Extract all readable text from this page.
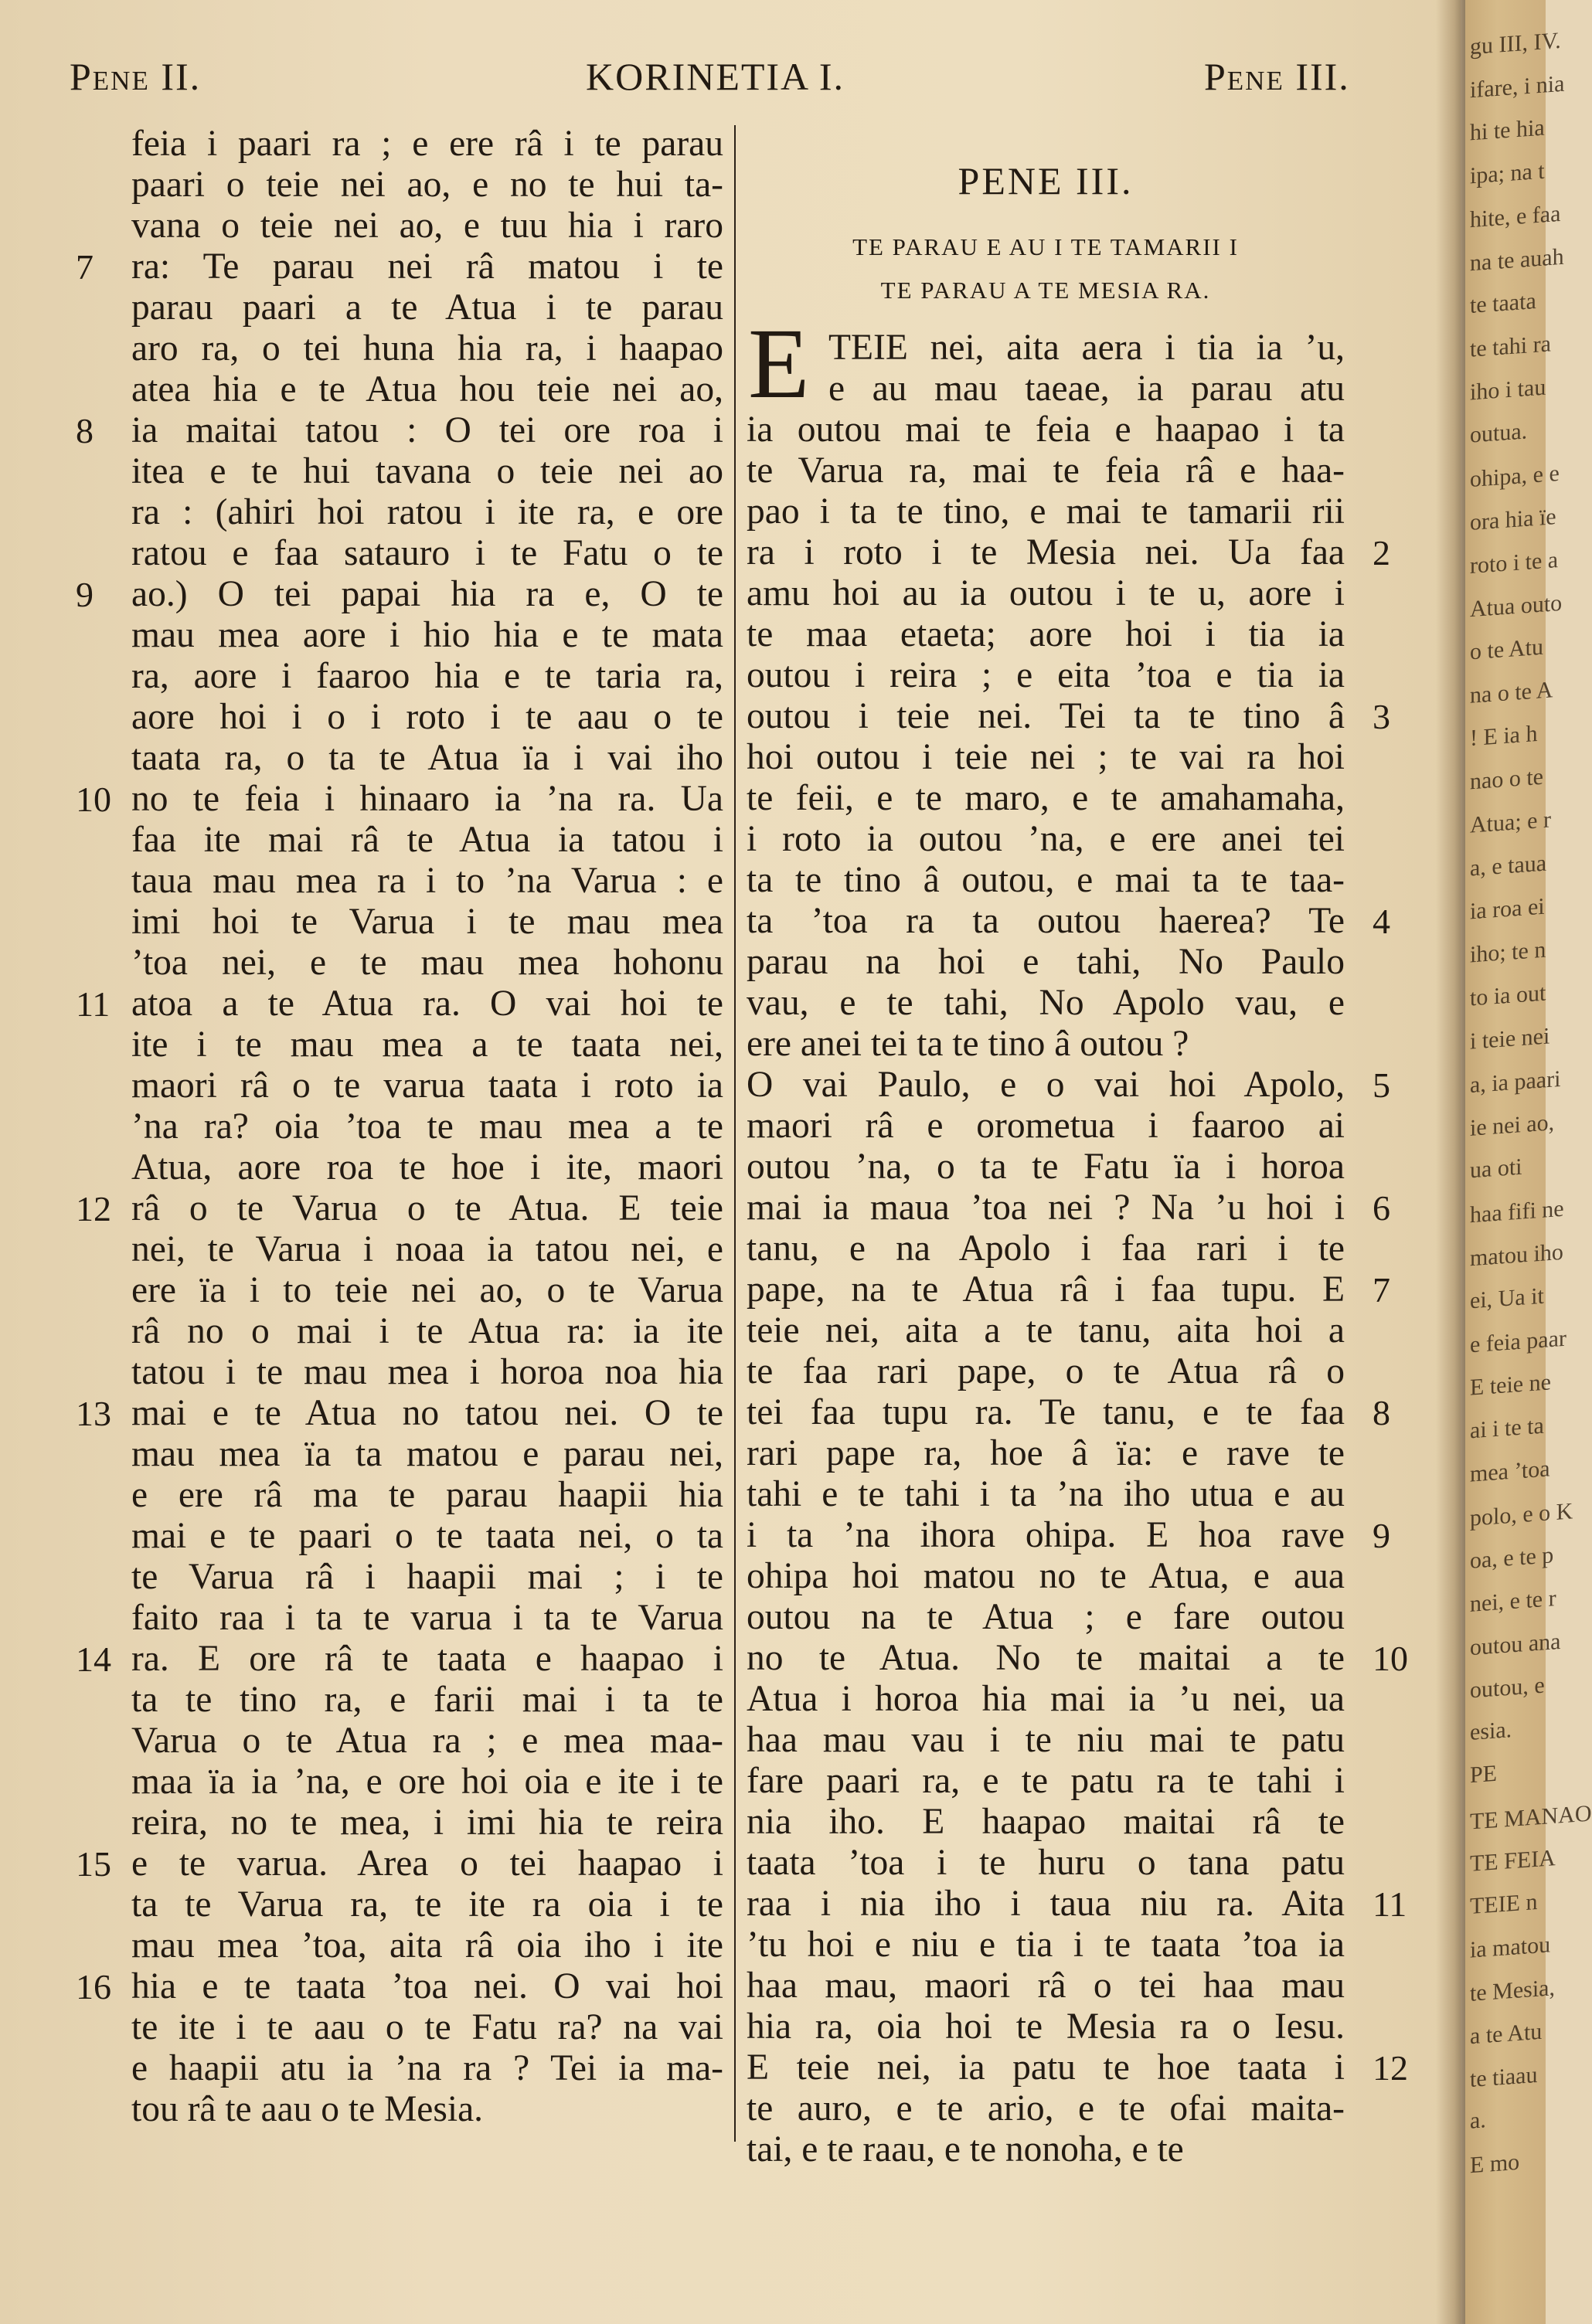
Pene II.	KORINETIA I.	Pene III.
feia i paari ra ; e ere râ i te parau
paari o teie nei ao, e no te hui ta-
vana o teie nei ao, e tuu hia i raro
ra: Te parau nei râ matou i te
parau paari a te Atua i te parau
aro ra, o tei huna hia ra, i haapao
atea hia e te Atua hou teie nei ao,
ia maitai tatou : O tei ore roa i
itea e te hui tavana o teie nei ao
ra : (ahiri hoi ratou i ite ra, e ore
ratou e faa satauro i te Fatu o te
ao.) O tei papai hia ra e, O te
mau mea aore i hio hia e te mata
ra, aore i faaroo hia e te taria ra,
aore hoi i o i roto i te aau o te
taata ra, o ta te Atua ïa i vai iho
no te feia i hinaaro ia ’na ra. Ua
faa ite mai râ te Atua ia tatou i
taua mau mea ra i to ’na Varua : e
imi hoi te Varua i te mau mea
’toa nei, e te mau mea hohonu
atoa a te Atua ra. O vai hoi te
ite i te mau mea a te taata nei,
maori râ o te varua taata i roto ia
’na ra? oia ’toa te mau mea a te
Atua, aore roa te hoe i ite, maori
râ o te Varua o te Atua. E teie
nei, te Varua i noaa ia tatou nei, e
ere ïa i to teie nei ao, o te Varua
râ no o mai i te Atua ra: ia ite
tatou i te mau mea i horoa noa hia
mai e te Atua no tatou nei. O te
mau mea ïa ta matou e parau nei,
e ere râ ma te parau haapii hia
mai e te paari o te taata nei, o ta
te Varua râ i haapii mai ; i te
faito raa i ta te varua i ta te Varua
ra. E ore râ te taata e haapao i
ta te tino ra, e farii mai i ta te
Varua o te Atua ra ; e mea maa-
maa ïa ia ’na, e ore hoi oia e ite i te
reira, no te mea, i imi hia te reira
e te varua. Area o tei haapao i
ta te Varua ra, te ite ra oia i te
mau mea ’toa, aita râ oia iho i ite
hia e te taata ’toa nei. O vai hoi
te ite i te aau o te Fatu ra? na vai
e haapii atu ia ’na ra ? Tei ia ma-
tou râ te aau o te Mesia.
7
8
9
10
11
12
13
14
15
16
PENE III.
TE PARAU E AU I TE TAMARII I
TE PARAU A TE MESIA RA.
E TEIE nei, aita aera i tia ia ’u,
e au mau taeae, ia parau atu
ia outou mai te feia e haapao i ta
te Varua ra, mai te feia râ e haa-
pao i ta te tino, e mai te tamarii rii
ra i roto i te Mesia nei. Ua faa
amu hoi au ia outou i te u, aore i
te maa etaeta; aore hoi i tia ia
outou i reira ; e eita ’toa e tia ia
outou i teie nei. Tei ta te tino â
hoi outou i teie nei ; te vai ra hoi
te feii, e te maro, e te amahamaha,
i roto ia outou ’na, e ere anei tei
ta te tino â outou, e mai ta te taa-
ta ’toa ra ta outou haerea? Te
parau na hoi e tahi, No Paulo
vau, e te tahi, No Apolo vau, e
ere anei tei ta te tino â outou ?
O vai Paulo, e o vai hoi Apolo,
maori râ e orometua i faaroo ai
outou ’na, o ta te Fatu ïa i horoa
mai ia maua ’toa nei ? Na ’u hoi i
tanu, e na Apolo i faa rari i te
pape, na te Atua râ i faa tupu. E
teie nei, aita a te tanu, aita hoi a
te faa rari pape, o te Atua râ o
tei faa tupu ra. Te tanu, e te faa
rari pape ra, hoe â ïa: e rave te
tahi e te tahi i ta ’na iho utua e au
i ta ’na ihora ohipa. E hoa rave
ohipa hoi matou no te Atua, e aua
outou na te Atua ; e fare outou
no te Atua. No te maitai a te
Atua i horoa hia mai ia ’u nei, ua
haa mau vau i te niu mai te patu
fare paari ra, e te patu ra te tahi i
nia iho. E haapao maitai râ te
taata ’toa i te huru o tana patu
raa i nia iho i taua niu ra. Aita
’tu hoi e niu e tia i te taata ’toa ia
haa mau, maori râ o tei haa mau
hia ra, oia hoi te Mesia ra o Iesu.
E teie nei, ia patu te hoe taata i
te auro, e te ario, e te ofai maita-
tai, e te raau, e te nonoha, e te
2
3
4
5
6
7
8
9
10
11
12
gu III, IV.
ifare, i nia
hi te hia
ipa; na t
hite, e faa
na te auah
te taata
te tahi ra
iho i tau
outua.
ohipa, e e
ora hia ïe
roto i te a
Atua outo
o te Atu
na o te A
! E ia h
nao o te
Atua; e r
a, e taua
ia roa ei
iho; te n
to ia out
i teie nei
a, ia paari
ie nei ao,
ua oti
haa fifi ne
matou iho
ei, Ua it
e feia paar
E teie ne
ai i te ta
mea ’toa
polo, e o K
oa, e te p
nei, e te r
outou ana
outou, e
esia.
PE
TE MANAO
TE FEIA
TEIE n
ia matou
te Mesia,
a te Atu
te tiaau
a.
E mo
